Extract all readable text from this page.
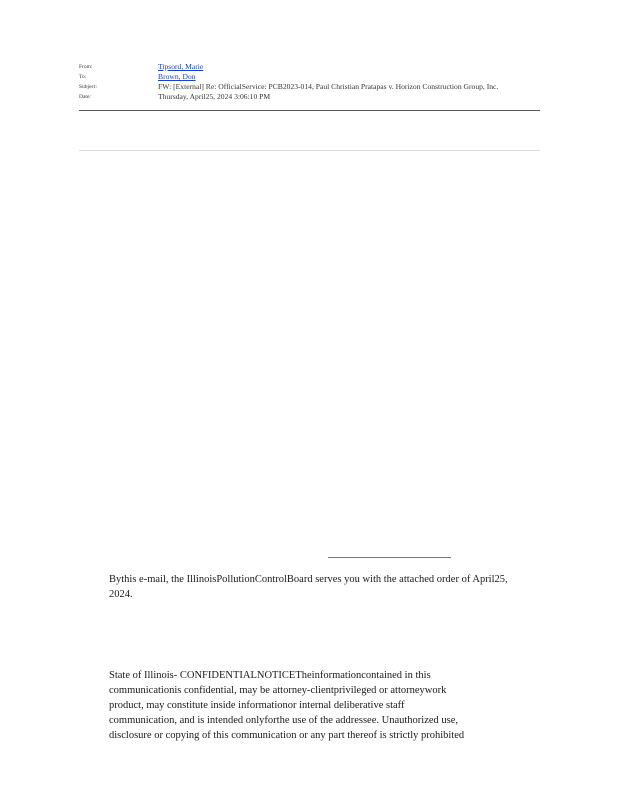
From:	Tipsord, Marie
To:	Brown, Don
Subject:	FW: [External] Re: OfficialService: PCB2023-014, Paul Christian Pratapas v. Horizon Construction Group, Inc.
Date:	Thursday, April25, 2024 3:06:10 PM
Bythis e-mail, the IllinoisPollutionControlBoard serves you with the attached order of April25, 2024.
State of Illinois- CONFIDENTIALNOTICETheinformationcontained in this
communicationis confidential, may be attorney-clientprivileged or attorneywork
product, may constitute inside informationor internal deliberative staff
communication, and is intended onlyforthe use of the addressee. Unauthorized use,
disclosure or copying of this communication or any part thereof is strictly prohibited
